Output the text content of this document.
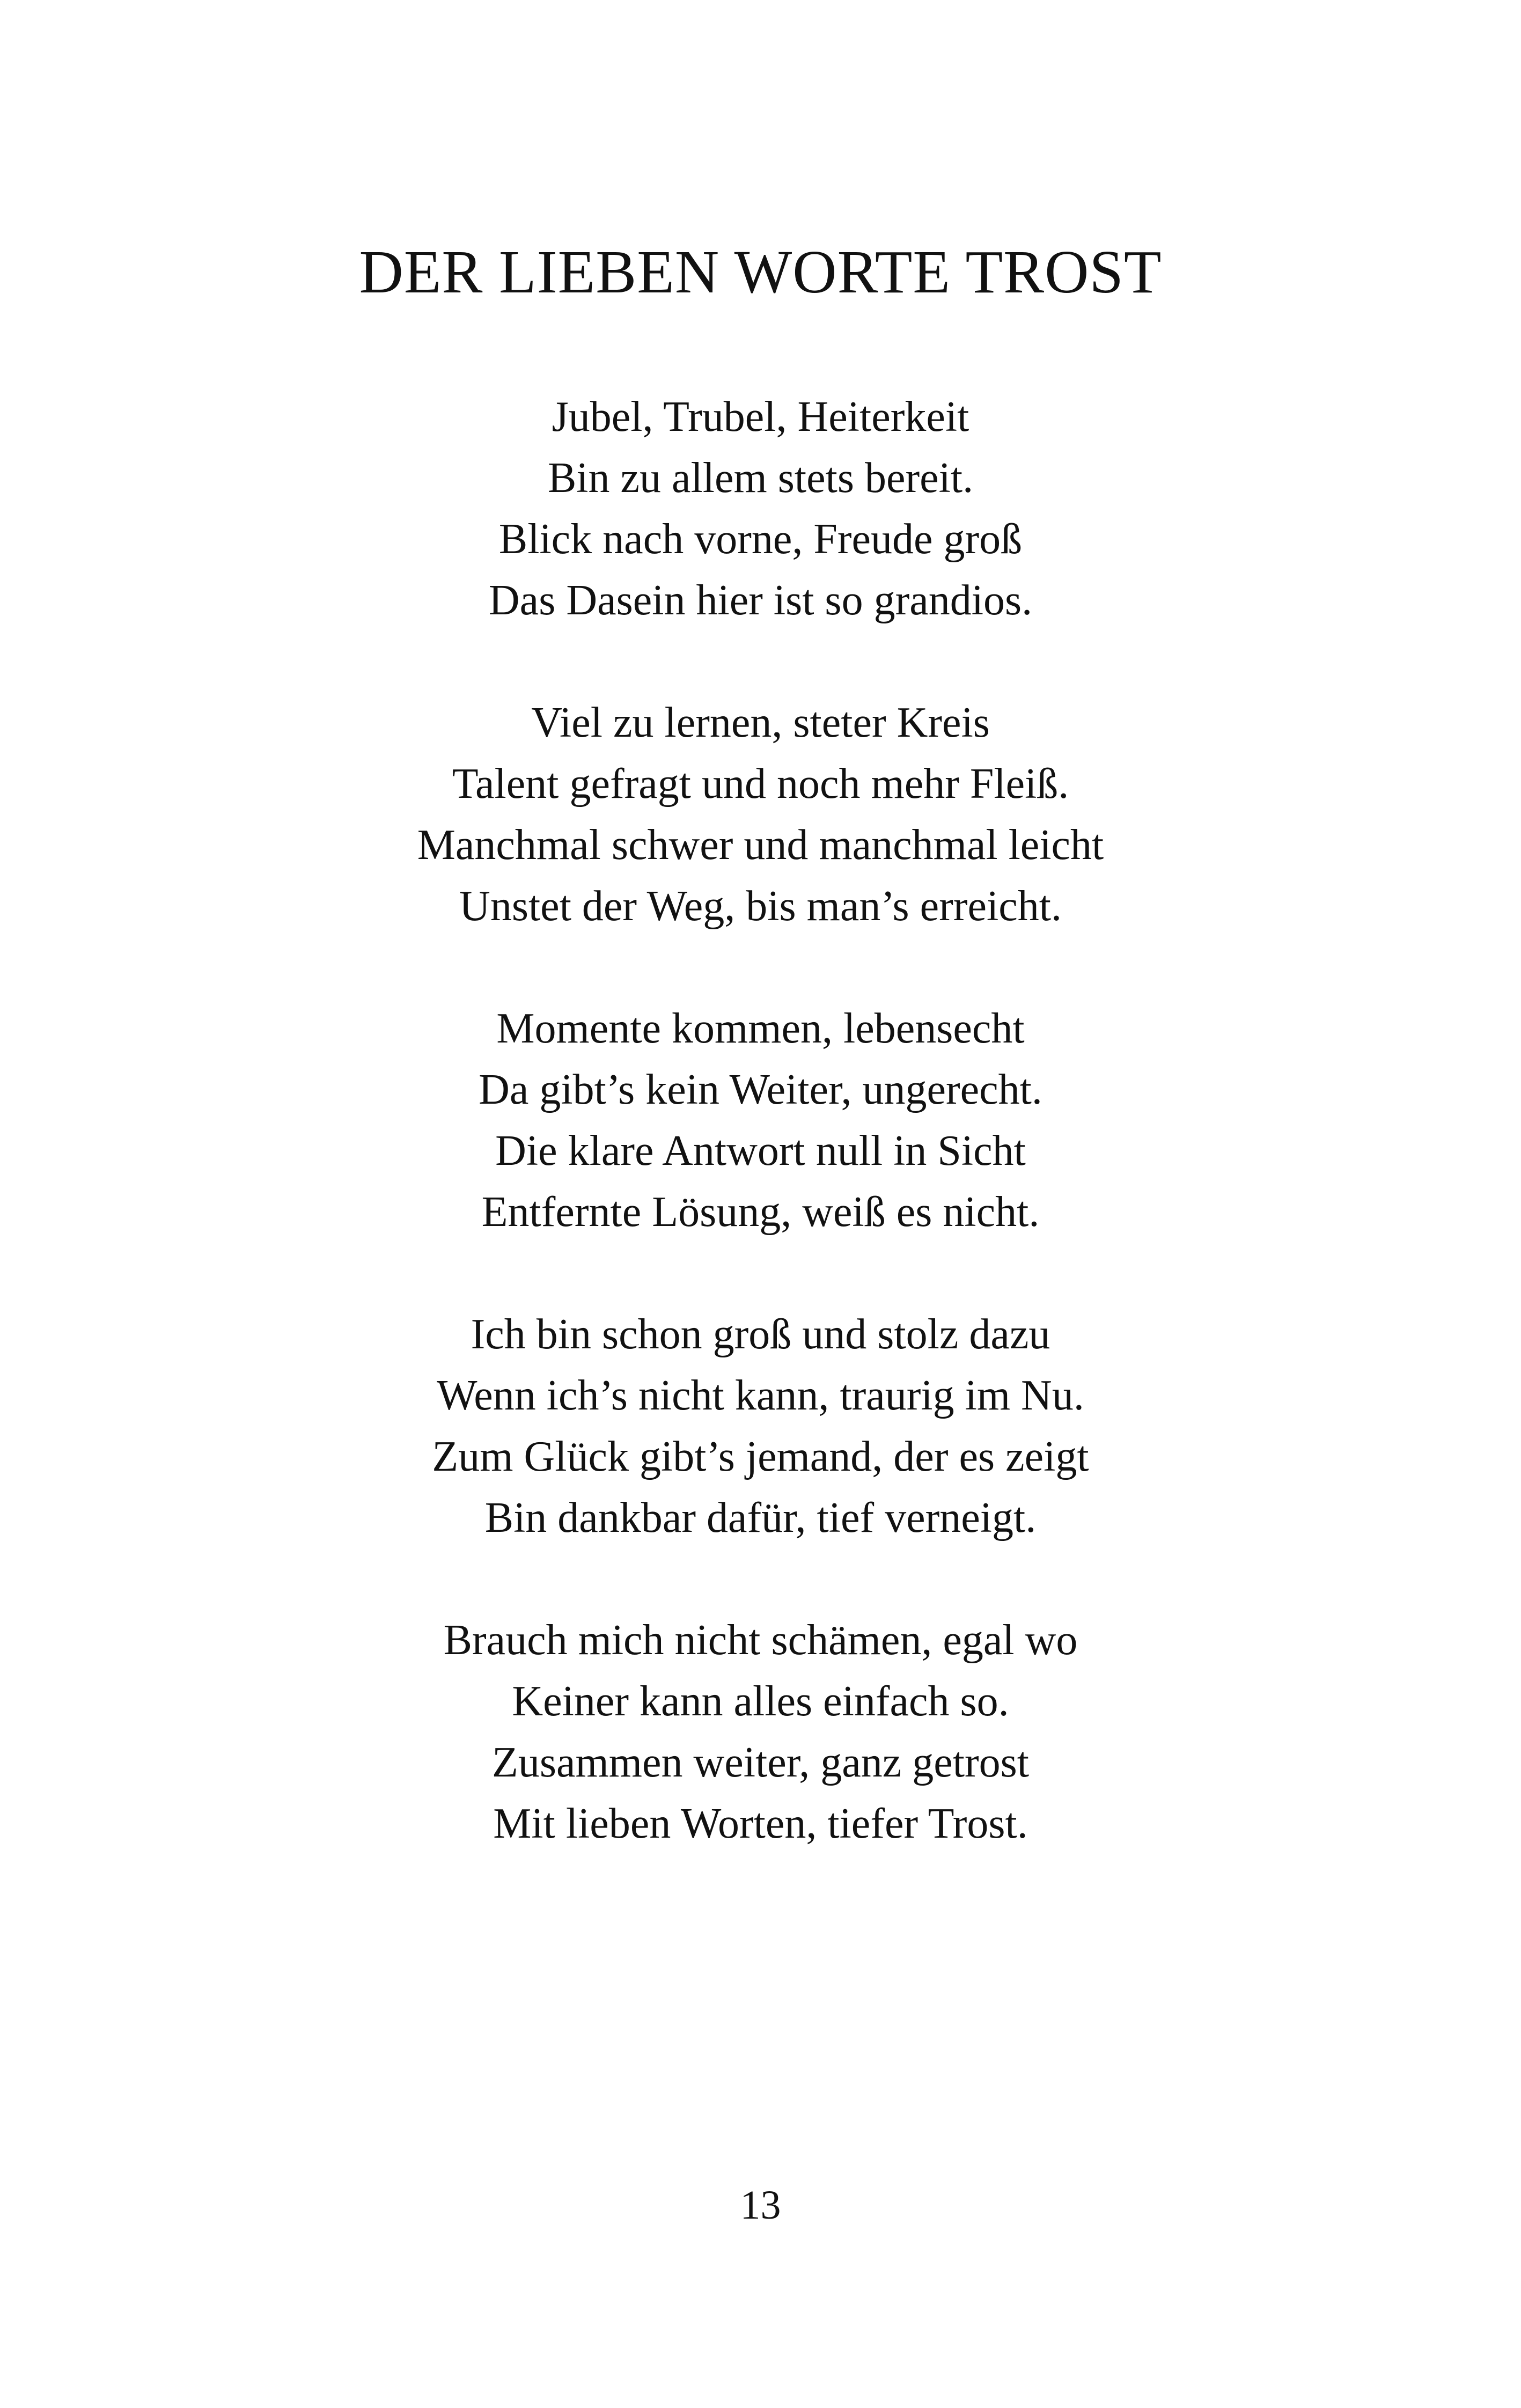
DER LIEBEN WORTE TROST
Jubel, Trubel, Heiterkeit
Bin zu allem stets bereit.
Blick nach vorne, Freude groß
Das Dasein hier ist so grandios.
Viel zu lernen, steter Kreis
Talent gefragt und noch mehr Fleiß.
Manchmal schwer und manchmal leicht
Unstet der Weg, bis man’s erreicht.
Momente kommen, lebensecht
Da gibt’s kein Weiter, ungerecht.
Die klare Antwort null in Sicht
Entfernte Lösung, weiß es nicht.
Ich bin schon groß und stolz dazu
Wenn ich’s nicht kann, traurig im Nu.
Zum Glück gibt’s jemand, der es zeigt
Bin dankbar dafür, tief verneigt.
Brauch mich nicht schämen, egal wo
Keiner kann alles einfach so.
Zusammen weiter, ganz getrost
Mit lieben Worten, tiefer Trost.
13
